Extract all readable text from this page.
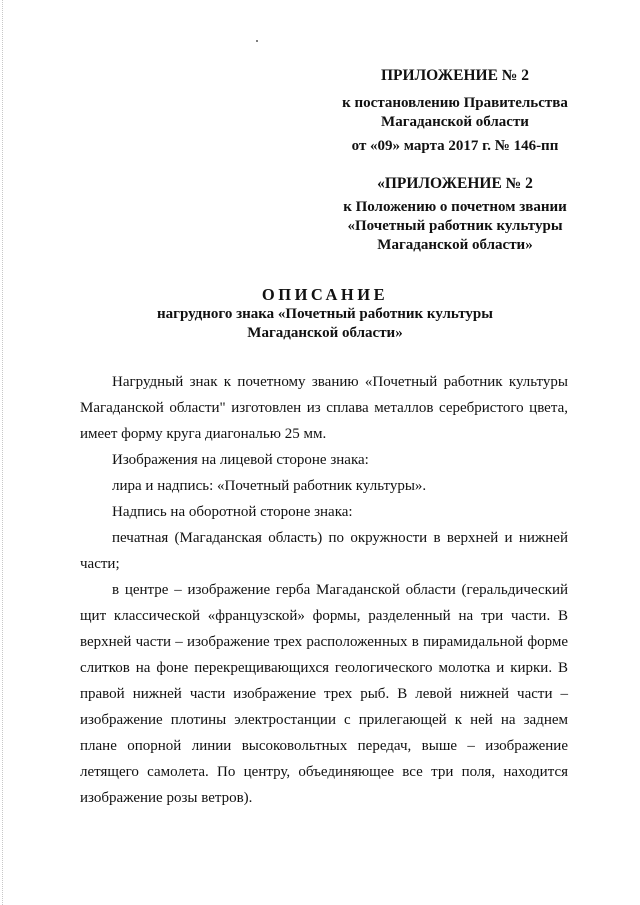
ПРИЛОЖЕНИЕ № 2
к постановлению Правительства
Магаданской области
от «09» марта 2017 г. № 146-пп
«ПРИЛОЖЕНИЕ № 2
к Положению о почетном звании
«Почетный работник культуры
Магаданской области»
ОПИСАНИЕ
нагрудного знака «Почетный работник культуры
Магаданской области»

Нагрудный знак к почетному званию «Почетный работник культуры Магаданской области" изготовлен из сплава металлов серебристого цвета, имеет форму круга диагональю 25 мм.

Изображения на лицевой стороне знака:

лира и надпись: «Почетный работник культуры».

Надпись на оборотной стороне знака:

печатная (Магаданская область) по окружности в верхней и нижней части;

в центре – изображение герба Магаданской области (геральдический щит классической «французской» формы, разделенный на три части. В верхней части – изображение трех расположенных в пирамидальной форме слитков на фоне перекрещивающихся геологического молотка и кирки. В правой нижней части изображение трех рыб. В левой нижней части – изображение плотины электростанции с прилегающей к ней на заднем плане опорной линии высоковольтных передач, выше – изображение летящего самолета. По центру, объединяющее все три поля, находится изображение розы ветров).
